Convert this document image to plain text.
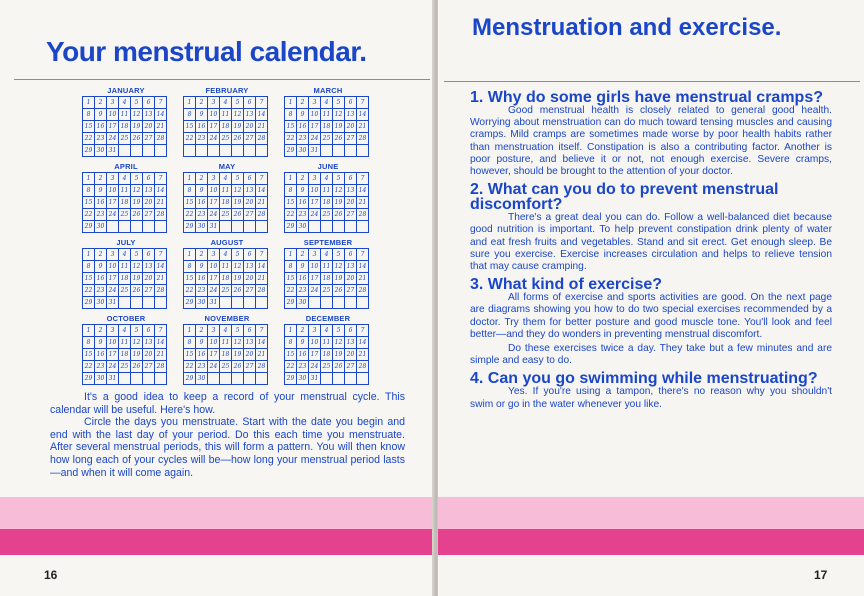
Your menstrual calendar.
JANUARY
1	2	3	4	5	6	7
8	9	10 11 12 13 14
15 16 17 18 19 20 21
22 23 24 25 26 27 28
29 30 31
FEBRUARY
1	2	3	4	5	6	7
8	9	10 11 12 13 14
15 16 17 18 19 20 21
22 23 24 25 26 27 28
MARCH
1	2	3	4	5	6	7
8	9	10 11 12 13 14
15 16 17 18 19 20 21
22 23 24 25 26 27 28
29 30 31
APRIL
1	2	3	4	5	6	7
8	9	10 11 12 13 14
15 16 17 18 19 20 21
22 23 24 25 26 27 28
29 30
MAY
1	2	3	4	5	6	7
8	9	10 11 12 13 14
15 16 17 18 19 20 21
22 23 24 25 26 27 28
29 30 31
JUNE
1	2	3	4	5	6	7
8	9	10 11 12 13 14
15 16 17 18 19 20 21
22 23 24 25 26 27 28
29 30
JULY
1	2	3	4	5	6	7
8	9	10 11 12 13 14
15 16 17 18 19 20 21
22 23 24 25 26 27 28
29 30 31
AUGUST
1	2	3	4	5	6	7
8	9	10 11 12 13 14
15 16 17 18 19 20 21
22 23 24 25 26 27 28
29 30 31
SEPTEMBER
1	2	3	4	5	6	7
8	9	10 11 12 13 14
15 16 17 18 19 20 21
22 23 24 25 26 27 28
29 30
OCTOBER
1	2	3	4	5	6	7
8	9	10 11 12 13 14
15 16 17 18 19 20 21
22 23 24 25 26 27 28
29 30 31
NOVEMBER
1	2	3	4	5	6	7
8	9	10 11 12 13 14
15 16 17 18 19 20 21
22 23 24 25 26 27 28
29 30
DECEMBER
1	2	3	4	5	6	7
8	9	10 11 12 13 14
15 16 17 18 19 20 21
22 23 24 25 26 27 28
29 30 31

It's a good idea to keep a record of your menstrual cycle. This calendar will be useful. Here's how.

Circle the days you menstruate. Start with the date you begin and end with the last day of your period. Do this each time you menstruate. After several menstrual periods, this will form a pattern. You will then know how long each of your cycles will be—how long your menstrual period lasts—and when it will come again.

16
Menstruation and exercise.
1. Why do some girls have menstrual cramps?

Good menstrual health is closely related to general good health. Worrying about menstruation can do much toward tensing muscles and causing cramps. Mild cramps are sometimes made worse by poor health habits rather than menstruation itself. Constipation is also a contributing factor. Another is poor posture, and believe it or not, not enough exercise. Severe cramps, however, should be brought to the attention of your doctor.

2. What can you do to prevent menstrual discomfort?

There's a great deal you can do. Follow a well-balanced diet because good nutrition is important. To help prevent constipation drink plenty of water and eat fresh fruits and vegetables. Stand and sit erect. Get enough sleep. Be sure you exercise. Exercise increases circulation and helps to relieve tension that may cause cramping.

3. What kind of exercise?

All forms of exercise and sports activities are good. On the next page are diagrams showing you how to do two special exercises recommended by a doctor. Try them for better posture and good muscle tone. You'll look and feel better—and they do wonders in preventing menstrual discomfort.

Do these exercises twice a day. They take but a few minutes and are simple and easy to do.

4. Can you go swimming while menstruating?

Yes. If you're using a tampon, there's no reason why you shouldn't swim or go in the water whenever you like.

17
